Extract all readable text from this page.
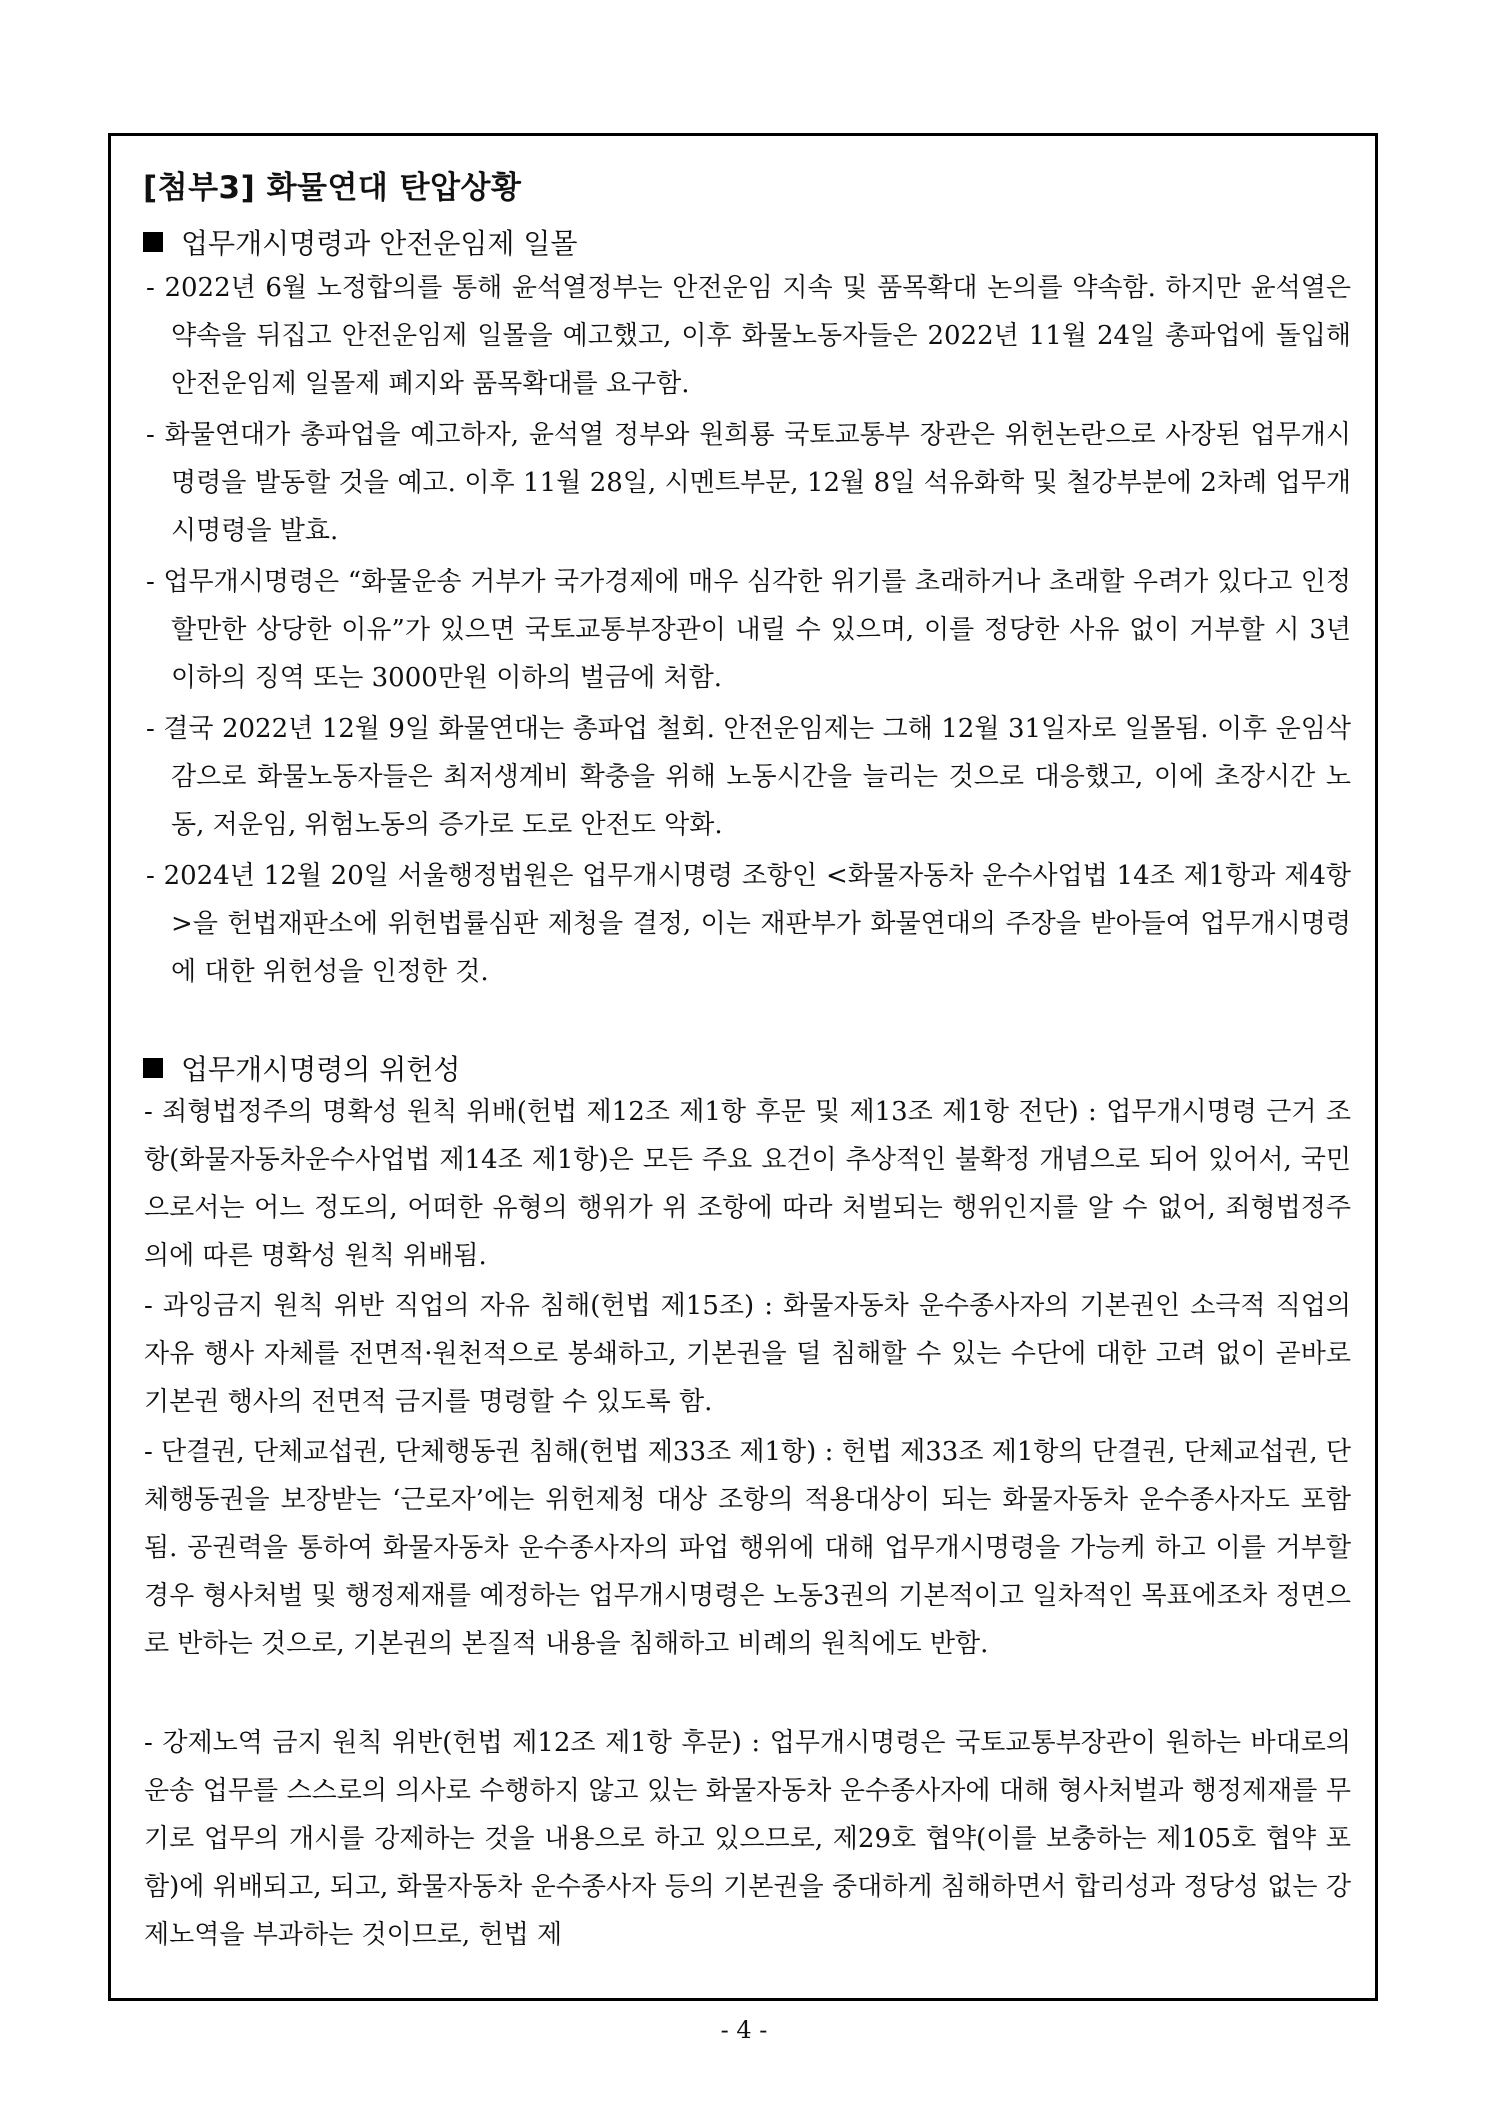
[첨부3] 화물연대 탄압상황
업무개시명령과 안전운임제 일몰

- 2022년 6월 노정합의를 통해 윤석열정부는 안전운임 지속 및 품목확대 논의를 약속함. 하지만 윤석열은 약속을 뒤집고 안전운임제 일몰을 예고했고, 이후 화물노동자들은 2022년 11월 24일 총파업에 돌입해 안전운임제 일몰제 폐지와 품목확대를 요구함.

- 화물연대가 총파업을 예고하자, 윤석열 정부와 원희룡 국토교통부 장관은 위헌논란으로 사장된 업무개시명령을 발동할 것을 예고. 이후 11월 28일, 시멘트부문, 12월 8일 석유화학 및 철강부분에 2차례 업무개시명령을 발효.

- 업무개시명령은 “화물운송 거부가 국가경제에 매우 심각한 위기를 초래하거나 초래할 우려가 있다고 인정할만한 상당한 이유”가 있으면 국토교통부장관이 내릴 수 있으며, 이를 정당한 사유 없이 거부할 시 3년 이하의 징역 또는 3000만원 이하의 벌금에 처함.

- 결국 2022년 12월 9일 화물연대는 총파업 철회. 안전운임제는 그해 12월 31일자로 일몰됨. 이후 운임삭감으로 화물노동자들은 최저생계비 확충을 위해 노동시간을 늘리는 것으로 대응했고, 이에 초장시간 노동, 저운임, 위험노동의 증가로 도로 안전도 악화.

- 2024년 12월 20일 서울행정법원은 업무개시명령 조항인 <화물자동차 운수사업법 14조 제1항과 제4항>을 헌법재판소에 위헌법률심판 제청을 결정, 이는 재판부가 화물연대의 주장을 받아들여 업무개시명령에 대한 위헌성을 인정한 것.

업무개시명령의 위헌성

- 죄형법정주의 명확성 원칙 위배(헌법 제12조 제1항 후문 및 제13조 제1항 전단) : 업무개시명령 근거 조항(화물자동차운수사업법 제14조 제1항)은 모든 주요 요건이 추상적인 불확정 개념으로 되어 있어서, 국민으로서는 어느 정도의, 어떠한 유형의 행위가 위 조항에 따라 처벌되는 행위인지를 알 수 없어, 죄형법정주의에 따른 명확성 원칙 위배됨.

- 과잉금지 원칙 위반 직업의 자유 침해(헌법 제15조) : 화물자동차 운수종사자의 기본권인 소극적 직업의 자유 행사 자체를 전면적·원천적으로 봉쇄하고, 기본권을 덜 침해할 수 있는 수단에 대한 고려 없이 곧바로 기본권 행사의 전면적 금지를 명령할 수 있도록 함.

- 단결권, 단체교섭권, 단체행동권 침해(헌법 제33조 제1항) : 헌법 제33조 제1항의 단결권, 단체교섭권, 단체행동권을 보장받는 ‘근로자’에는 위헌제청 대상 조항의 적용대상이 되는 화물자동차 운수종사자도 포함됨. 공권력을 통하여 화물자동차 운수종사자의 파업 행위에 대해 업무개시명령을 가능케 하고 이를 거부할 경우 형사처벌 및 행정제재를 예정하는 업무개시명령은 노동3권의 기본적이고 일차적인 목표에조차 정면으로 반하는 것으로, 기본권의 본질적 내용을 침해하고 비례의 원칙에도 반함.

- 강제노역 금지 원칙 위반(헌법 제12조 제1항 후문) : 업무개시명령은 국토교통부장관이 원하는 바대로의 운송 업무를 스스로의 의사로 수행하지 않고 있는 화물자동차 운수종사자에 대해 형사처벌과 행정제재를 무기로 업무의 개시를 강제하는 것을 내용으로 하고 있으므로, 제29호 협약(이를 보충하는 제105호 협약 포함)에 위배되고, 되고, 화물자동차 운수종사자 등의 기본권을 중대하게 침해하면서 합리성과 정당성 없는 강제노역을 부과하는 것이므로, 헌법 제

- 4 -
